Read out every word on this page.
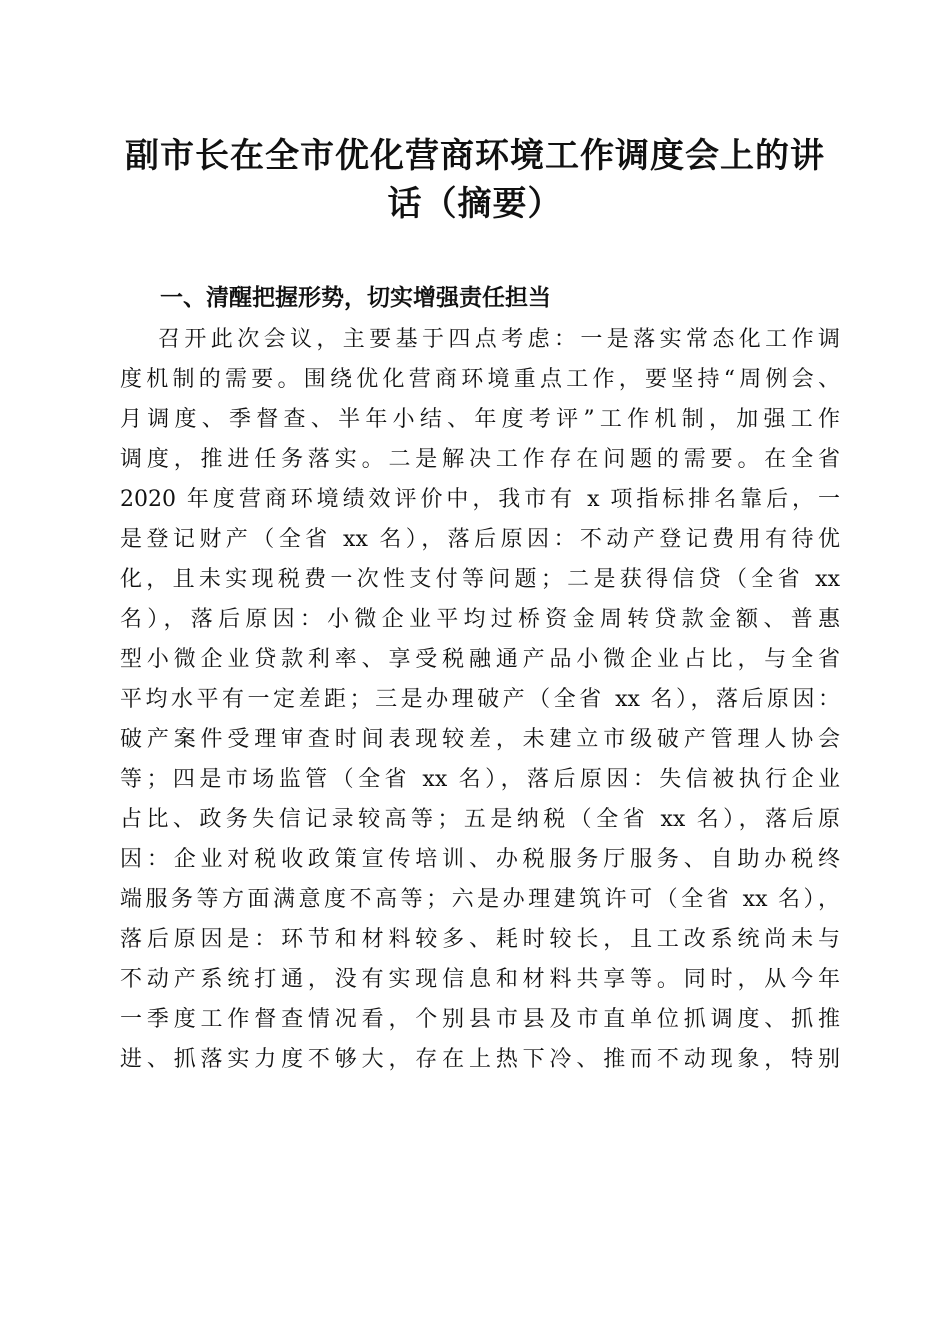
副市长在全市优化营商环境工作调度会上的讲
话（摘要）
一、清醒把握形势，切实增强责任担当
召开此次会议，主要基于四点考虑：一是落实常态化工作调
度机制的需要。围绕优化营商环境重点工作，要坚持“周例会、
月调度、季督查、半年小结、年度考评”工作机制，加强工作
调度，推进任务落实。二是解决工作存在问题的需要。在全省
2020 年度营商环境绩效评价中，我市有 x 项指标排名靠后，一
是登记财产（全省 xx 名），落后原因：不动产登记费用有待优
化，且未实现税费一次性支付等问题；二是获得信贷（全省 xx
名），落后原因：小微企业平均过桥资金周转贷款金额、普惠
型小微企业贷款利率、享受税融通产品小微企业占比，与全省
平均水平有一定差距；三是办理破产（全省 xx 名），落后原因：
破产案件受理审查时间表现较差，未建立市级破产管理人协会
等；四是市场监管（全省 xx 名），落后原因：失信被执行企业
占比、政务失信记录较高等；五是纳税（全省 xx 名），落后原
因：企业对税收政策宣传培训、办税服务厅服务、自助办税终
端服务等方面满意度不高等；六是办理建筑许可（全省 xx 名），
落后原因是：环节和材料较多、耗时较长，且工改系统尚未与
不动产系统打通，没有实现信息和材料共享等。同时，从今年
一季度工作督查情况看，个别县市县及市直单位抓调度、抓推
进、抓落实力度不够大，存在上热下冷、推而不动现象，特别
